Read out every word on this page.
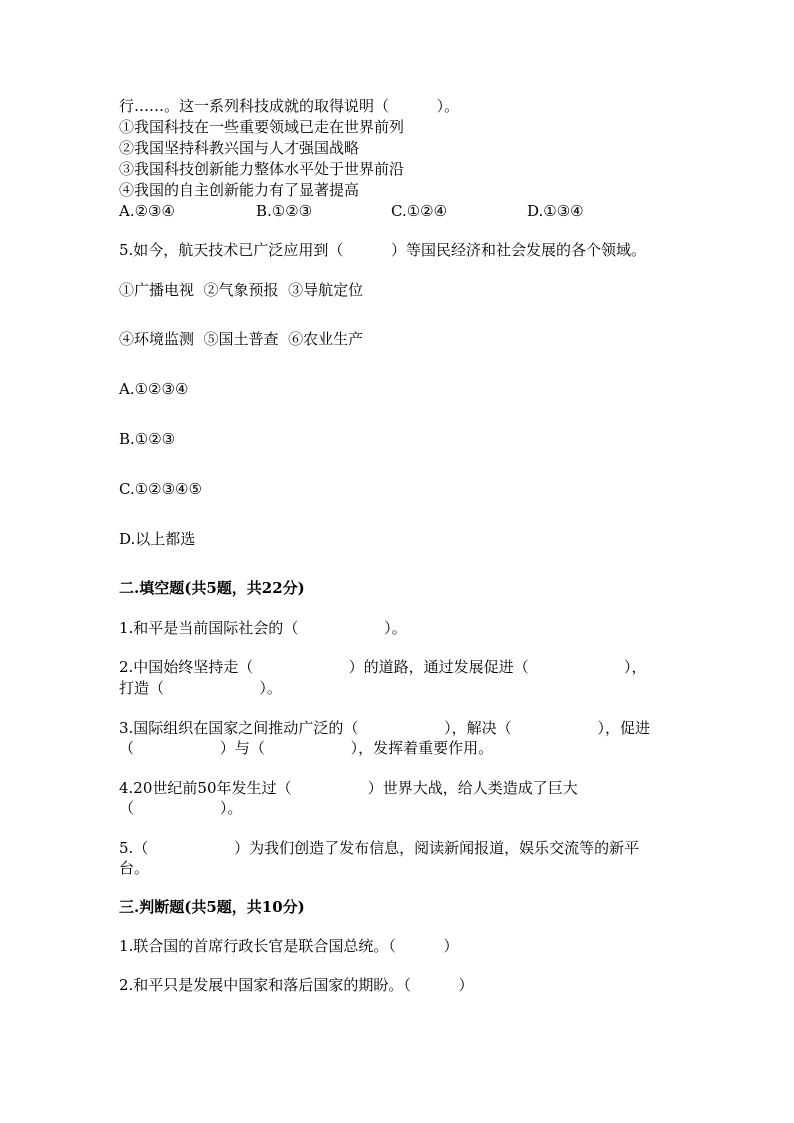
行……。这一系列科技成就的取得说明（          ）。
①我国科技在一些重要领域已走在世界前列
②我国坚持科教兴国与人才强国战略
③我国科技创新能力整体水平处于世界前沿
④我国的自主创新能力有了显著提高
A.②③④	B.①②③	C.①②④	D.①③④
5.如今，航天技术已广泛应用到（          ）等国民经济和社会发展的各个领域。
①广播电视  ②气象预报  ③导航定位
④环境监测  ⑤国土普查  ⑥农业生产
A.①②③④
B.①②③
C.①②③④⑤
D.以上都选
二.填空题(共5题，共22分)
1.和平是当前国际社会的（                  ）。
2.中国始终坚持走（                    ）的道路，通过发展促进（                    ），
打造（                    ）。
3.国际组织在国家之间推动广泛的（                  ），解决（                  ），促进
（                  ）与（                  ），发挥着重要作用。
4.20世纪前50年发生过（                ）世界大战，给人类造成了巨大
（                  ）。
5.（                  ）为我们创造了发布信息，阅读新闻报道，娱乐交流等的新平
台。
三.判断题(共5题，共10分)
1.联合国的首席行政长官是联合国总统。（          ）
2.和平只是发展中国家和落后国家的期盼。（          ）
